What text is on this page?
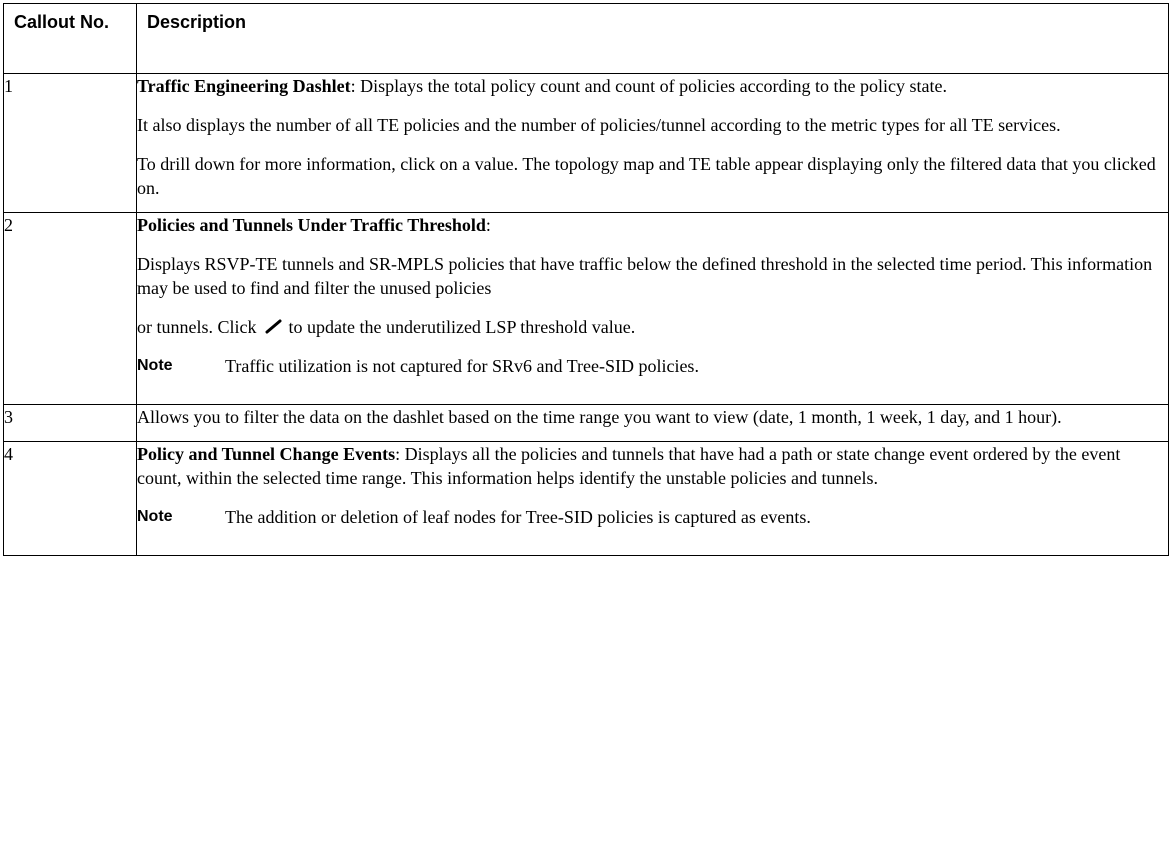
Callout No.	Description
1	Traffic Engineering Dashlet: Displays the total policy count and count of policies according to the policy state.

It also displays the number of all TE policies and the number of policies/tunnel according to the metric types for all TE services.

To drill down for more information, click on a value. The topology map and TE table appear displaying only the filtered data that you clicked on.

2	Policies and Tunnels Under Traffic Threshold:

Displays RSVP-TE tunnels and SR-MPLS policies that have traffic below the defined threshold in the selected time period. This information may be used to find and filter the unused policies

or tunnels. Click to update the underutilized LSP threshold value.

Note Traffic utilization is not captured for SRv6 and Tree-SID policies.

3	Allows you to filter the data on the dashlet based on the time range you want to view (date, 1 month, 1 week, 1 day, and 1 hour).

4	Policy and Tunnel Change Events: Displays all the policies and tunnels that have had a path or state change event ordered by the event count, within the selected time range. This information helps identify the unstable policies and tunnels.

Note The addition or deletion of leaf nodes for Tree-SID policies is captured as events.
